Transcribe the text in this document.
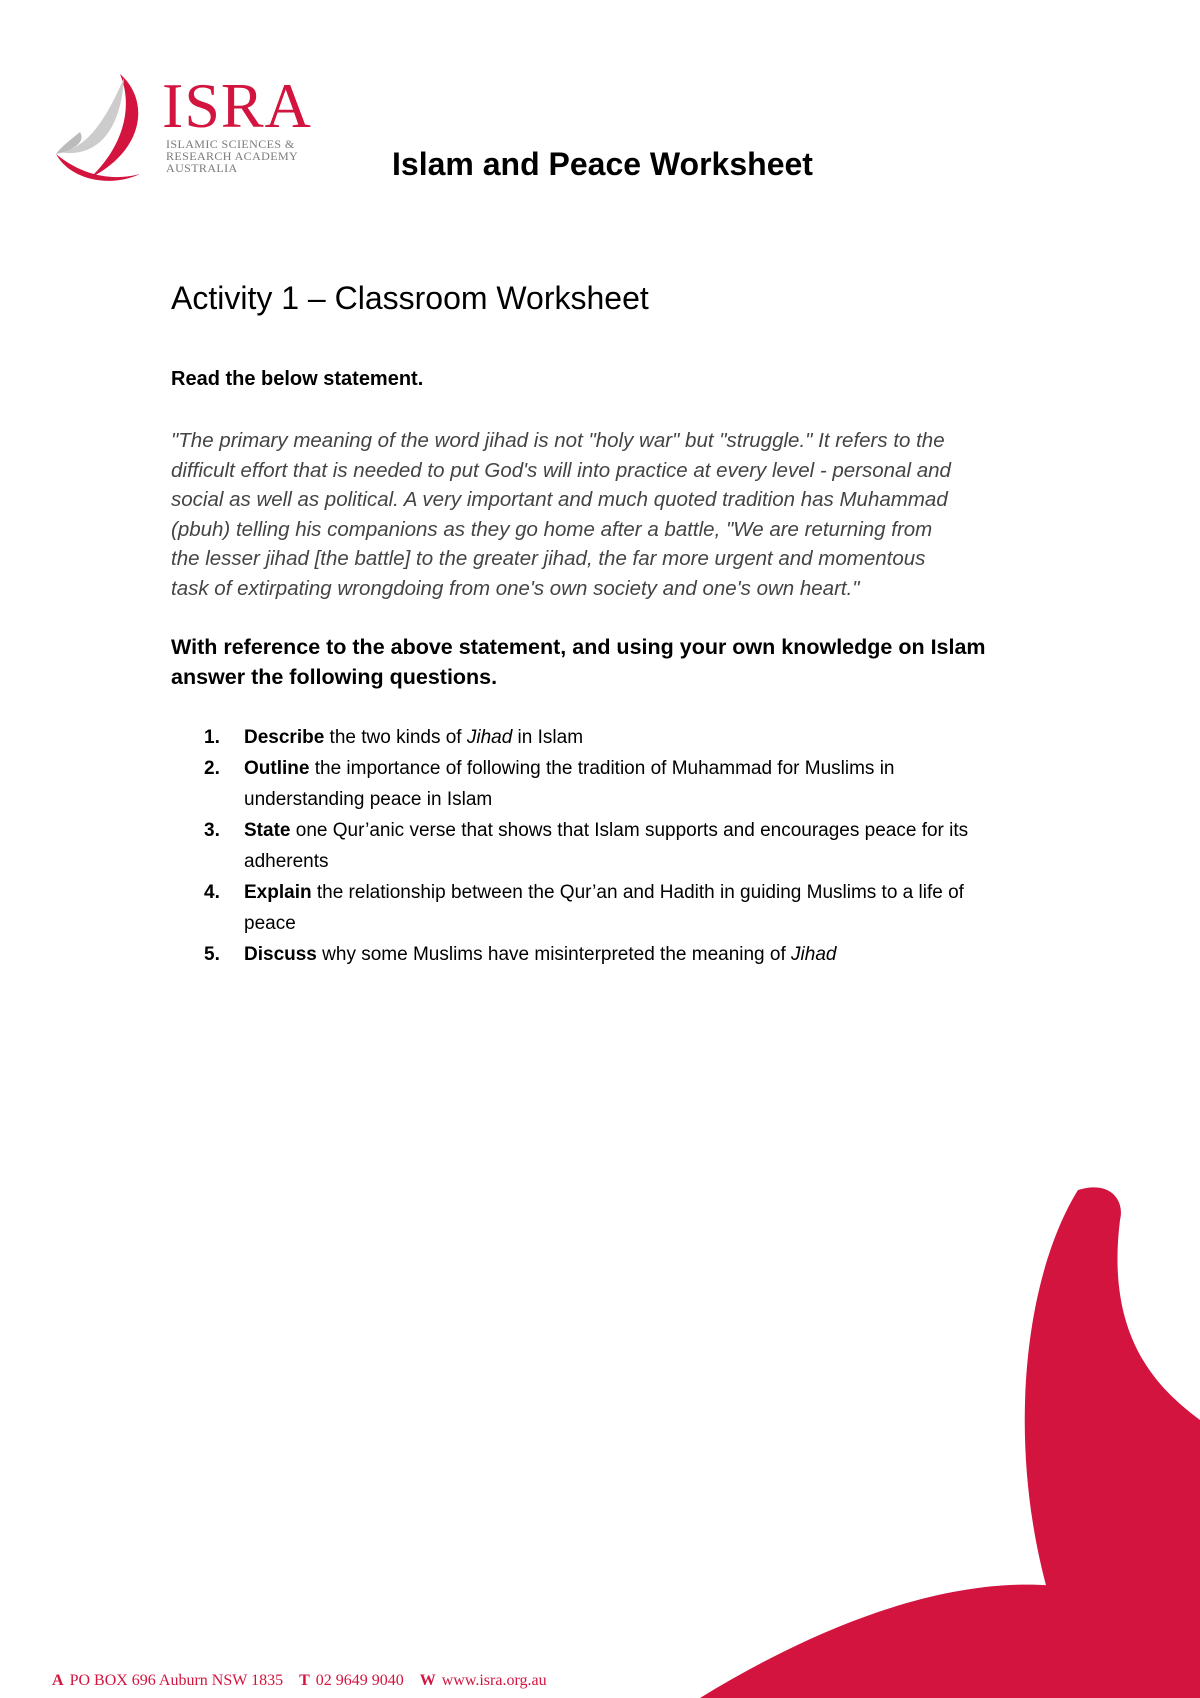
ISRA
ISLAMIC SCIENCES &
RESEARCH ACADEMY
AUSTRALIA	Islam and Peace Worksheet
Activity 1 – Classroom Worksheet
Read the below statement.
"The primary meaning of the word jihad is not "holy war" but "struggle." It refers to the
difficult effort that is needed to put God's will into practice at every level - personal and
social as well as political. A very important and much quoted tradition has Muhammad
(pbuh) telling his companions as they go home after a battle, "We are returning from
the lesser jihad [the battle] to the greater jihad, the far more urgent and momentous
task of extirpating wrongdoing from one's own society and one's own heart."
With reference to the above statement, and using your own knowledge on Islam
answer the following questions.
1. Describe the two kinds of Jihad in Islam
2. Outline the importance of following the tradition of Muhammad for Muslims in
understanding peace in Islam
3. State one Qur’anic verse that shows that Islam supports and encourages peace for its
adherents
4. Explain the relationship between the Qur’an and Hadith in guiding Muslims to a life of
peace
5. Discuss why some Muslims have misinterpreted the meaning of Jihad
A PO BOX 696 Auburn NSW 1835 T 02 9649 9040 W www.isra.org.au
